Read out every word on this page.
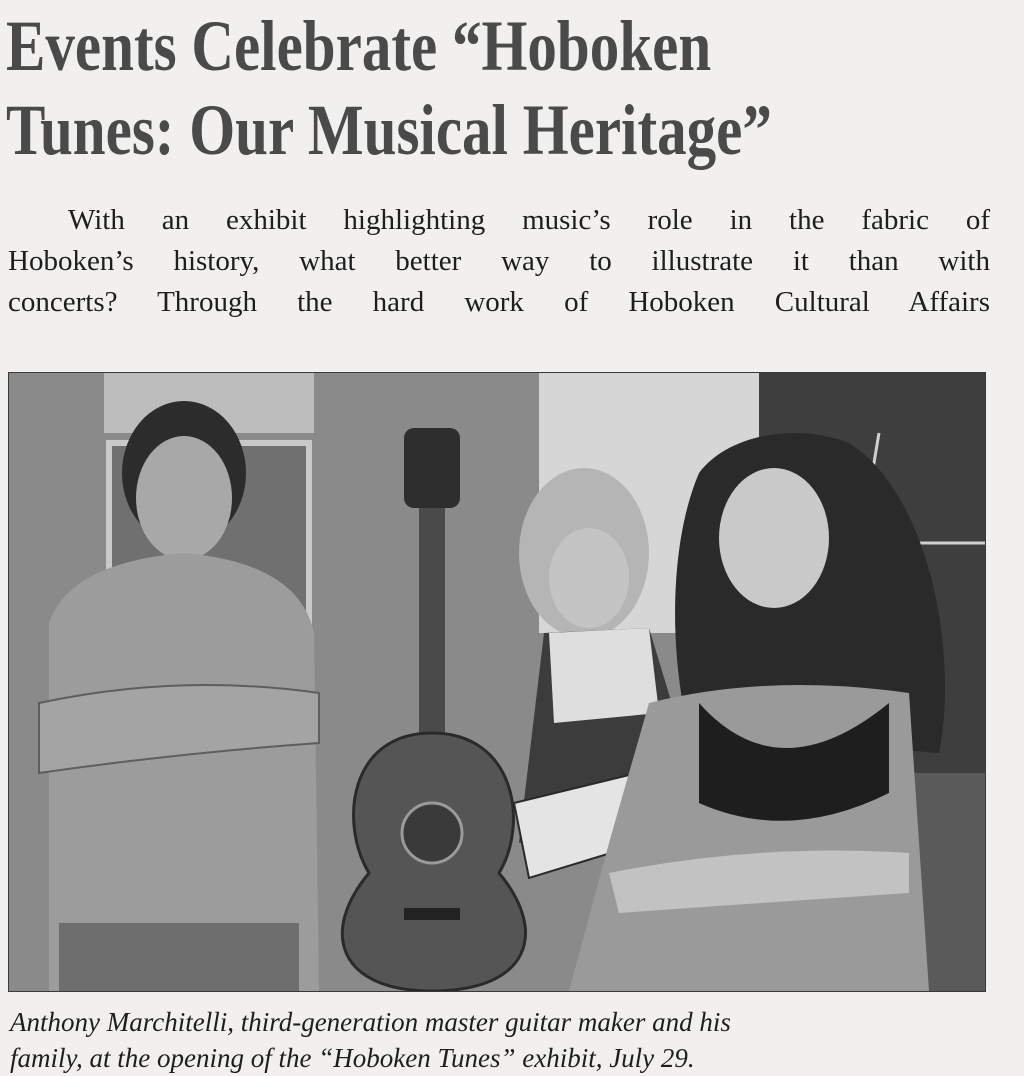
Events Celebrate “Hoboken
Tunes: Our Musical Heritage”

With an exhibit highlighting music’s role in the fabric of
Hoboken’s history, what better way to illustrate it than with
concerts? Through the hard work of Hoboken Cultural Affairs

Anthony Marchitelli, third-generation master guitar maker and his
family, at the opening of the “Hoboken Tunes” exhibit, July 29.
